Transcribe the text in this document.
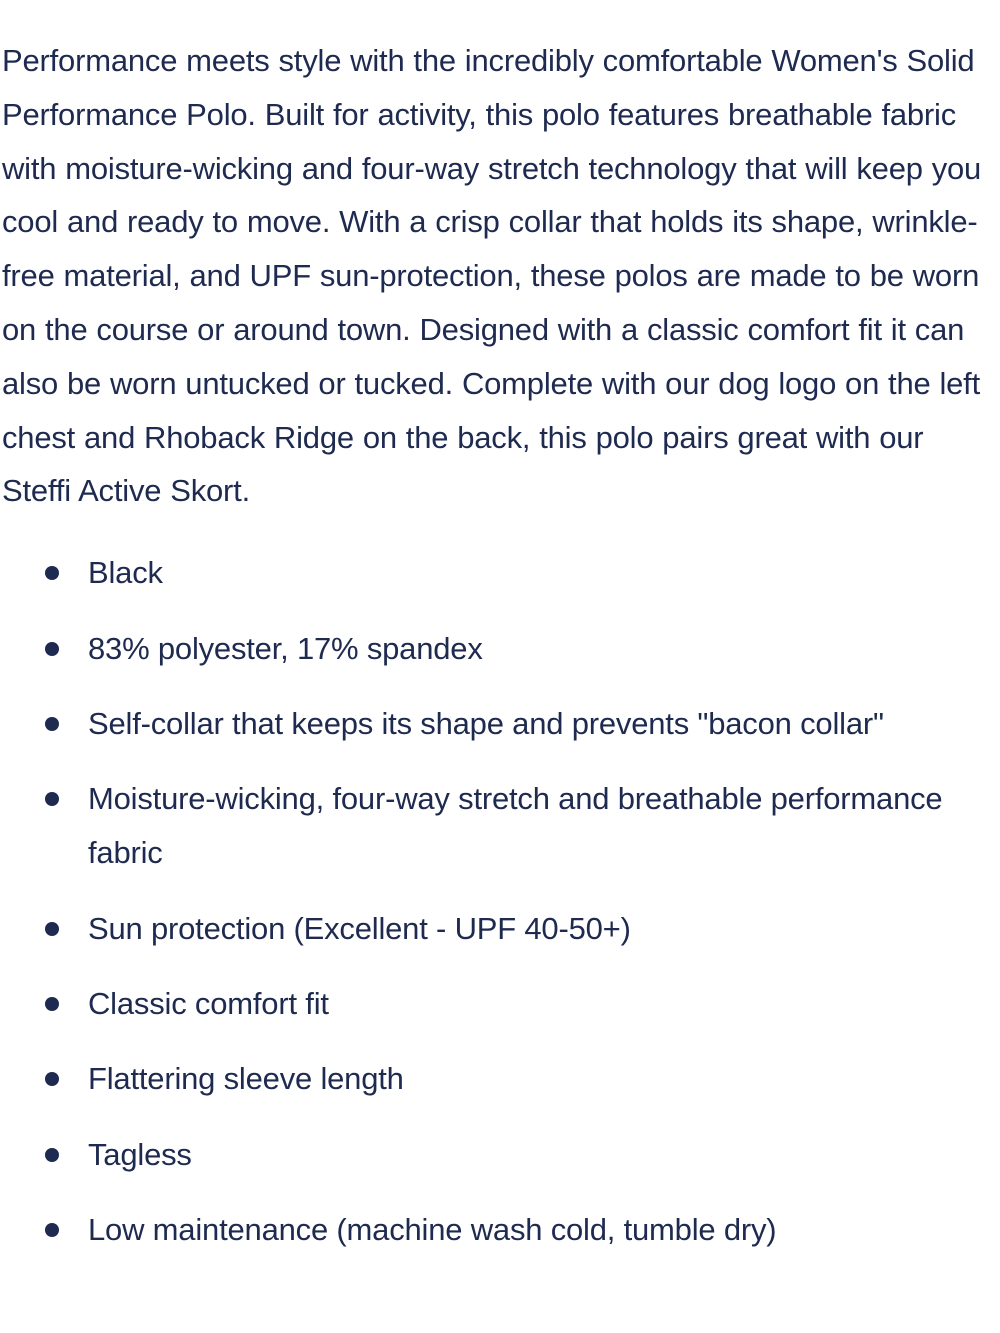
Performance meets style with the incredibly comfortable Women's Solid Performance Polo. Built for activity, this polo features breathable fabric with moisture-wicking and four-way stretch technology that will keep you cool and ready to move. With a crisp collar that holds its shape, wrinkle-free material, and UPF sun-protection, these polos are made to be worn on the course or around town. Designed with a classic comfort fit it can also be worn untucked or tucked. Complete with our dog logo on the left chest and Rhoback Ridge on the back, this polo pairs great with our Steffi Active Skort.

Black
83% polyester, 17% spandex
Self-collar that keeps its shape and prevents "bacon collar"
Moisture-wicking, four-way stretch and breathable performance fabric
Sun protection (Excellent - UPF 40-50+)
Classic comfort fit
Flattering sleeve length
Tagless
Low maintenance (machine wash cold, tumble dry)
